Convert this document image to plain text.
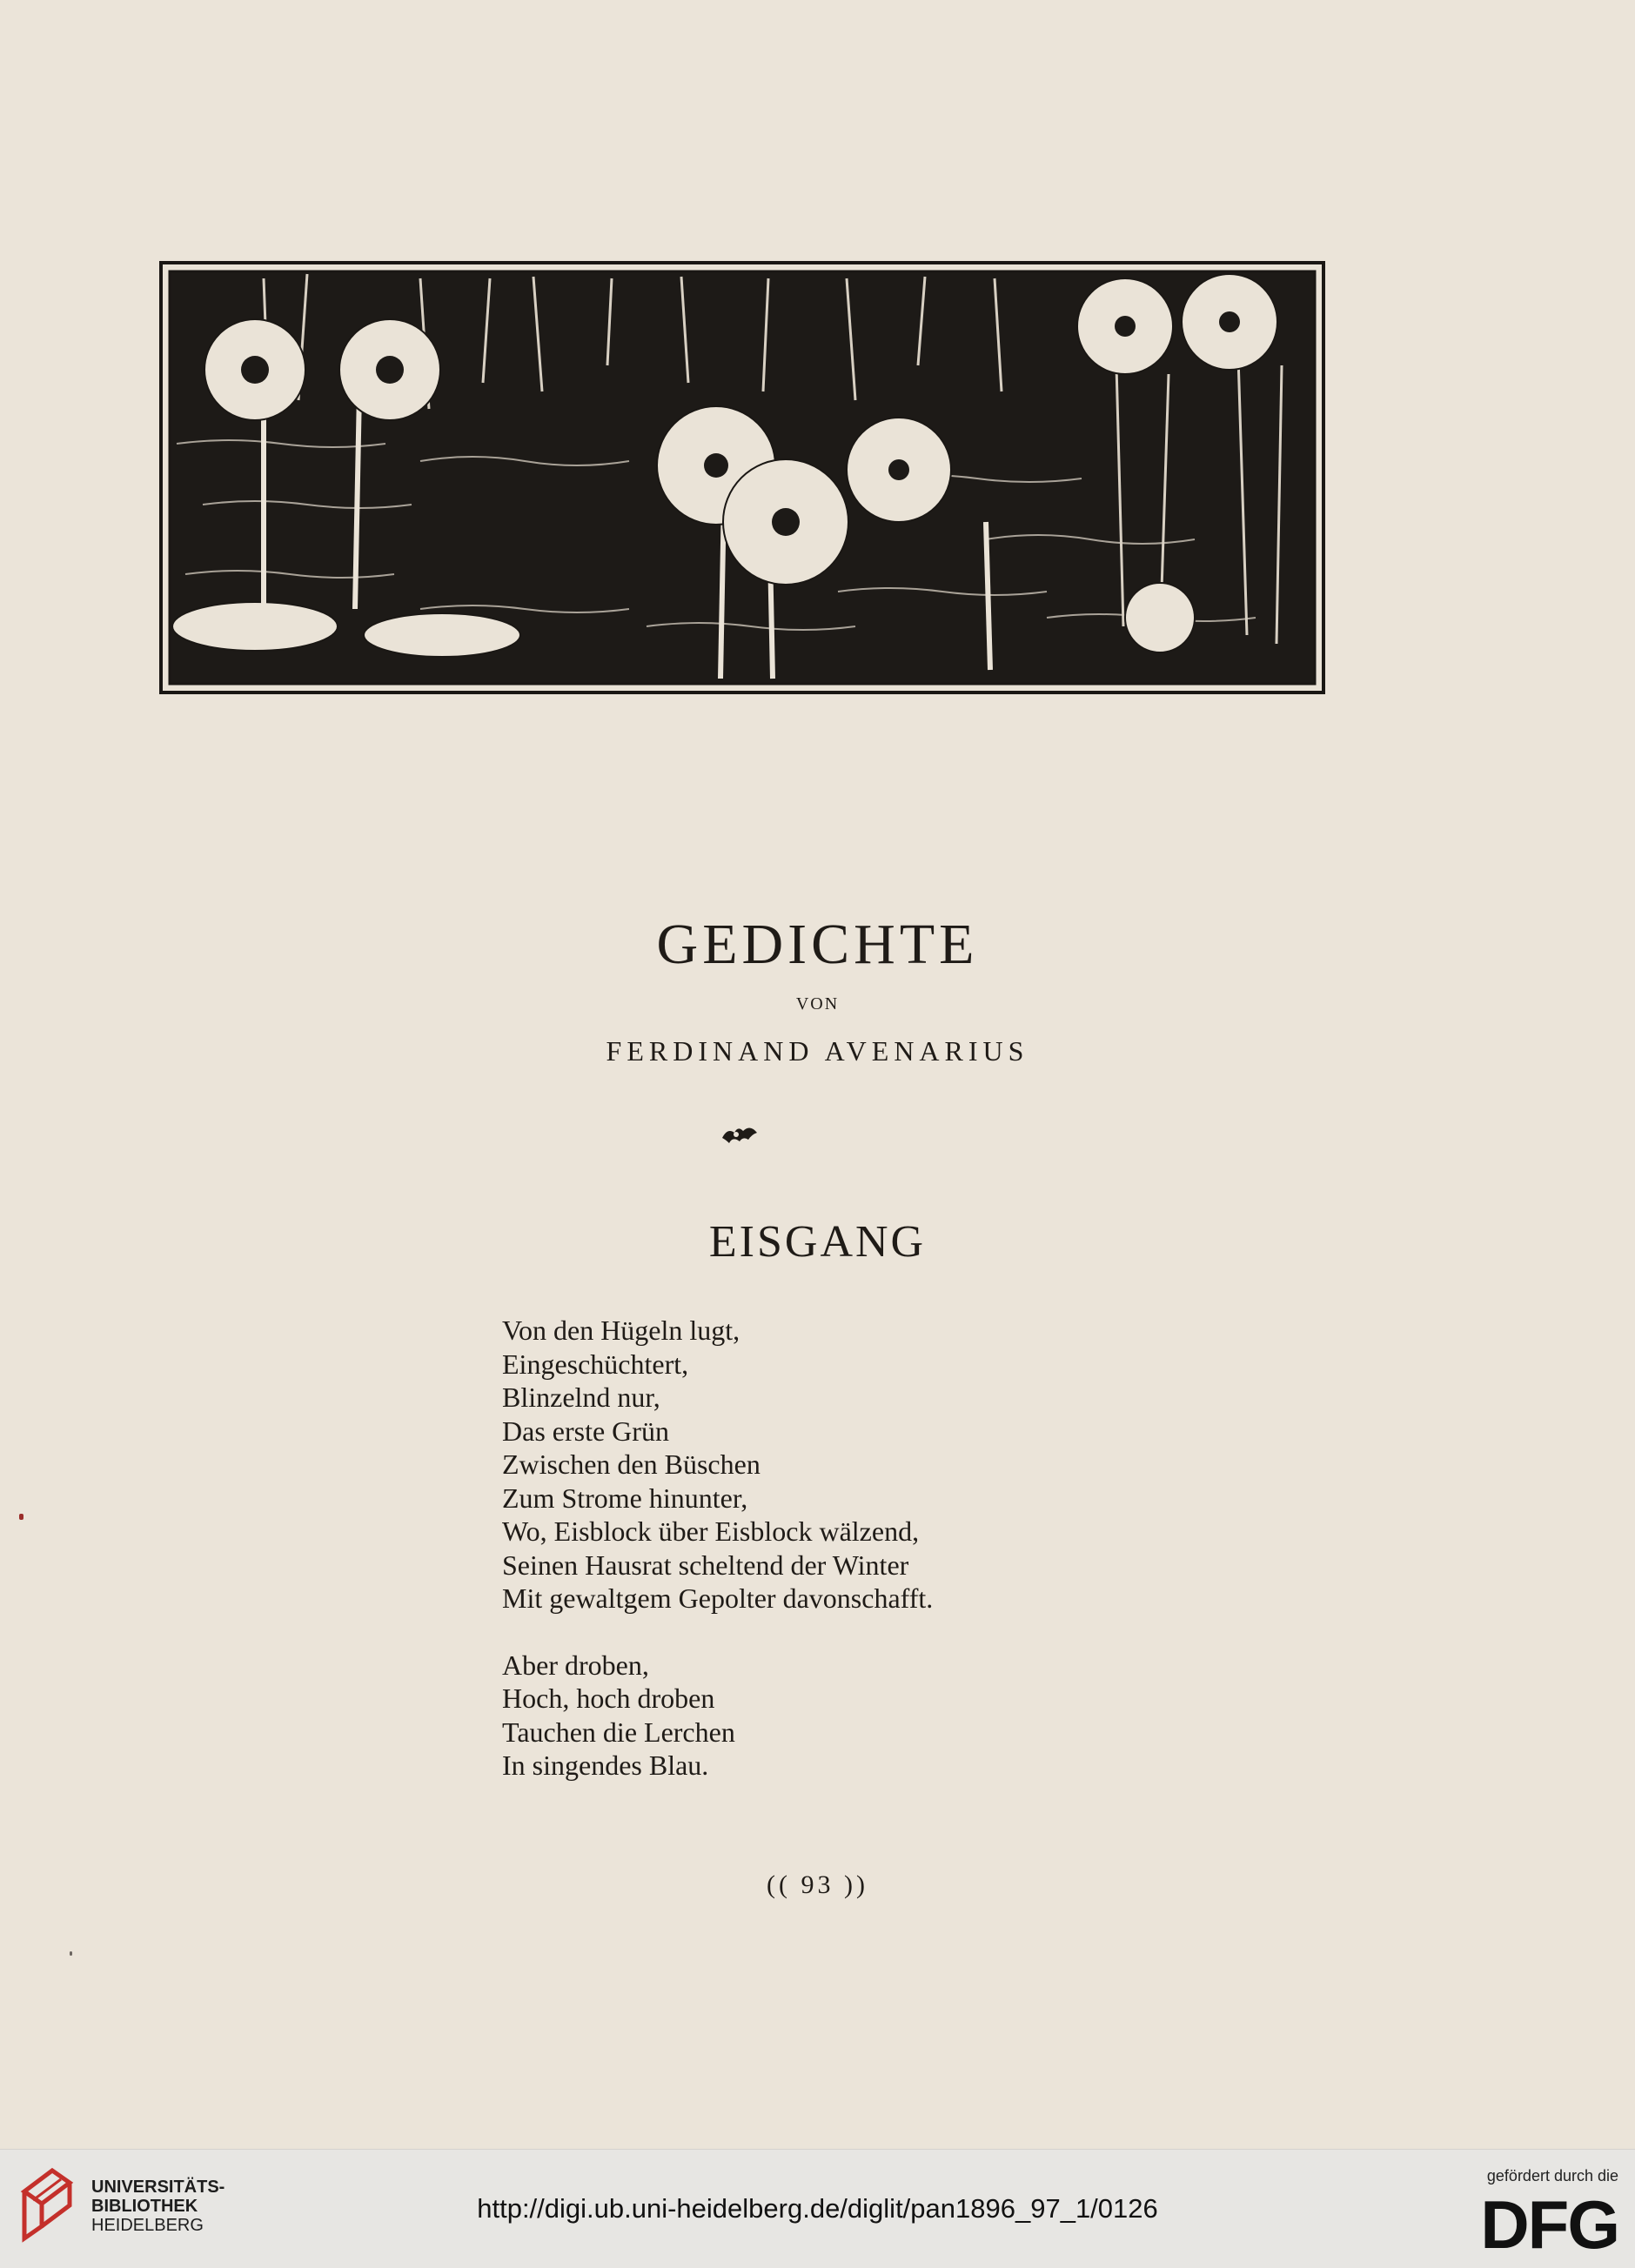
GEDICHTE
VON
FERDINAND AVENARIUS
EISGANG

Von den Hügeln lugt,
Eingeschüchtert,
Blinzelnd nur,
Das erste Grün
Zwischen den Büschen
Zum Strome hinunter,
Wo, Eisblock über Eisblock wälzend,
Seinen Hausrat scheltend der Winter
Mit gewaltgem Gepolter davonschafft.

Aber droben,
Hoch, hoch droben
Tauchen die Lerchen
In singendes Blau.

(( 93 ))
UNIVERSITÄTS-
BIBLIOTHEK
HEIDELBERG
http://digi.ub.uni-heidelberg.de/diglit/pan1896_97_1/0126
gefördert durch die
DFG
